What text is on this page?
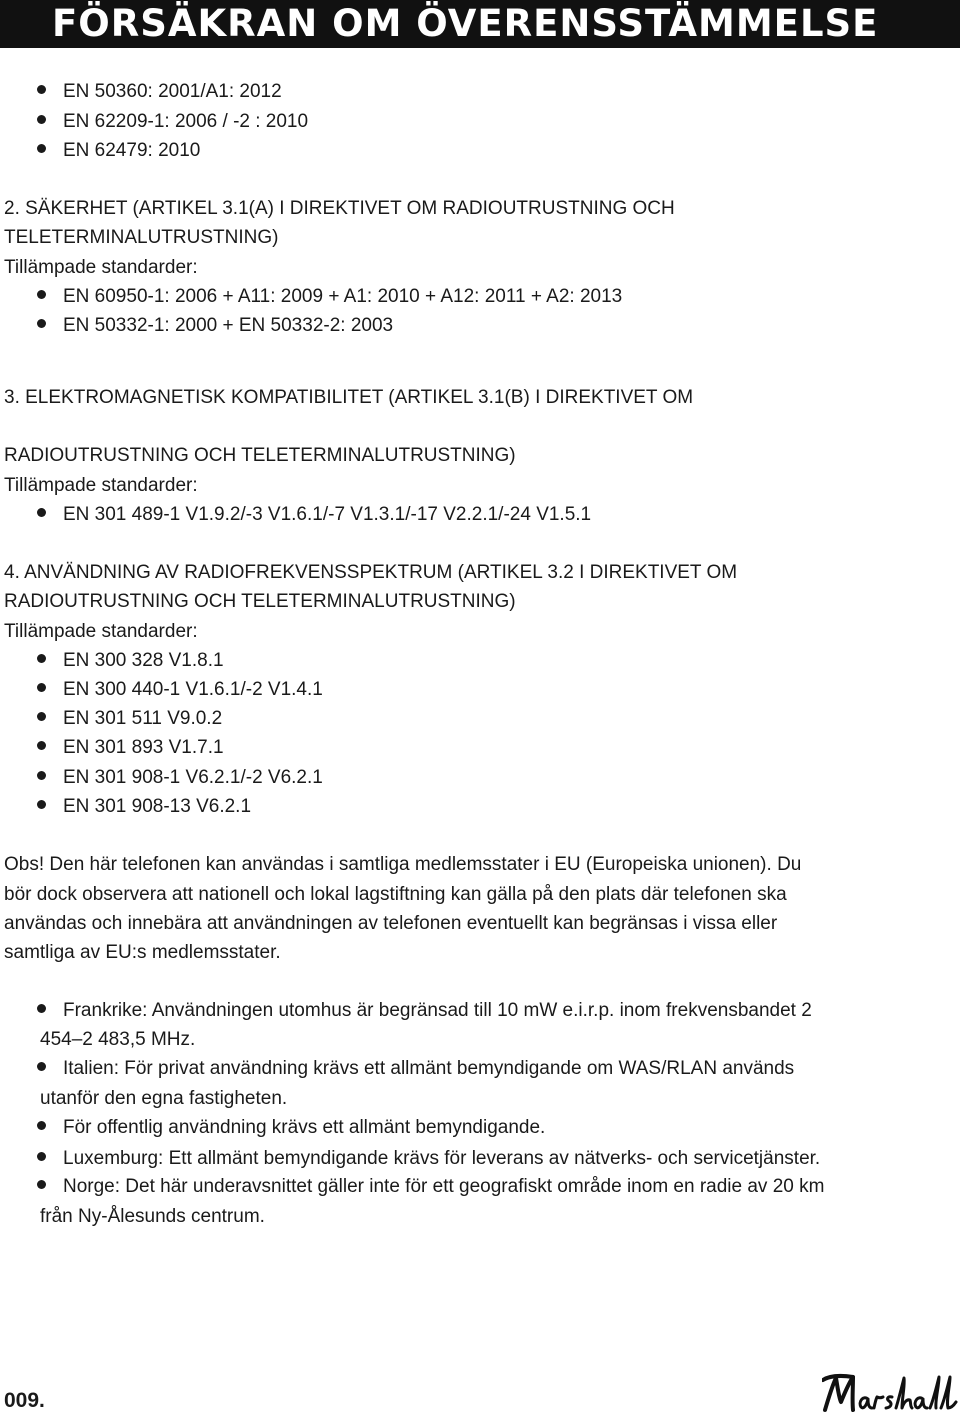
FÖRSÄKRAN OM ÖVERENSSTÄMMELSE
EN 50360: 2001/A1: 2012
EN 62209-1: 2006 / -2 : 2010
EN 62479: 2010
2. SÄKERHET (ARTIKEL 3.1(A) I DIREKTIVET OM RADIOUTRUSTNING OCH
TELETERMINALUTRUSTNING)
Tillämpade standarder:
EN 60950-1: 2006 + A11: 2009 + A1: 2010 + A12: 2011 + A2: 2013
EN 50332-1: 2000 + EN 50332-2: 2003
3. ELEKTROMAGNETISK KOMPATIBILITET (ARTIKEL 3.1(B) I DIREKTIVET OM
RADIOUTRUSTNING OCH TELETERMINALUTRUSTNING)
Tillämpade standarder:
EN 301 489-1 V1.9.2/-3 V1.6.1/-7 V1.3.1/-17 V2.2.1/-24 V1.5.1
4. ANVÄNDNING AV RADIOFREKVENSSPEKTRUM (ARTIKEL 3.2 I DIREKTIVET OM
RADIOUTRUSTNING OCH TELETERMINALUTRUSTNING)
Tillämpade standarder:
EN 300 328 V1.8.1
EN 300 440-1 V1.6.1/-2 V1.4.1
EN 301 511 V9.0.2
EN 301 893 V1.7.1
EN 301 908-1 V6.2.1/-2 V6.2.1
EN 301 908-13 V6.2.1
Obs! Den här telefonen kan användas i samtliga medlemsstater i EU (Europeiska unionen). Du
bör dock observera att nationell och lokal lagstiftning kan gälla på den plats där telefonen ska
användas och innebära att användningen av telefonen eventuellt kan begränsas i vissa eller
samtliga av EU:s medlemsstater.
Frankrike: Användningen utomhus är begränsad till 10 mW e.i.r.p. inom frekvensbandet 2
454–2 483,5 MHz.
Italien: För privat användning krävs ett allmänt bemyndigande om WAS/RLAN används
utanför den egna fastigheten.
För offentlig användning krävs ett allmänt bemyndigande.
Luxemburg: Ett allmänt bemyndigande krävs för leverans av nätverks- och servicetjänster.
Norge: Det här underavsnittet gäller inte för ett geografiskt område inom en radie av 20 km
från Ny-Ålesunds centrum.
009.
